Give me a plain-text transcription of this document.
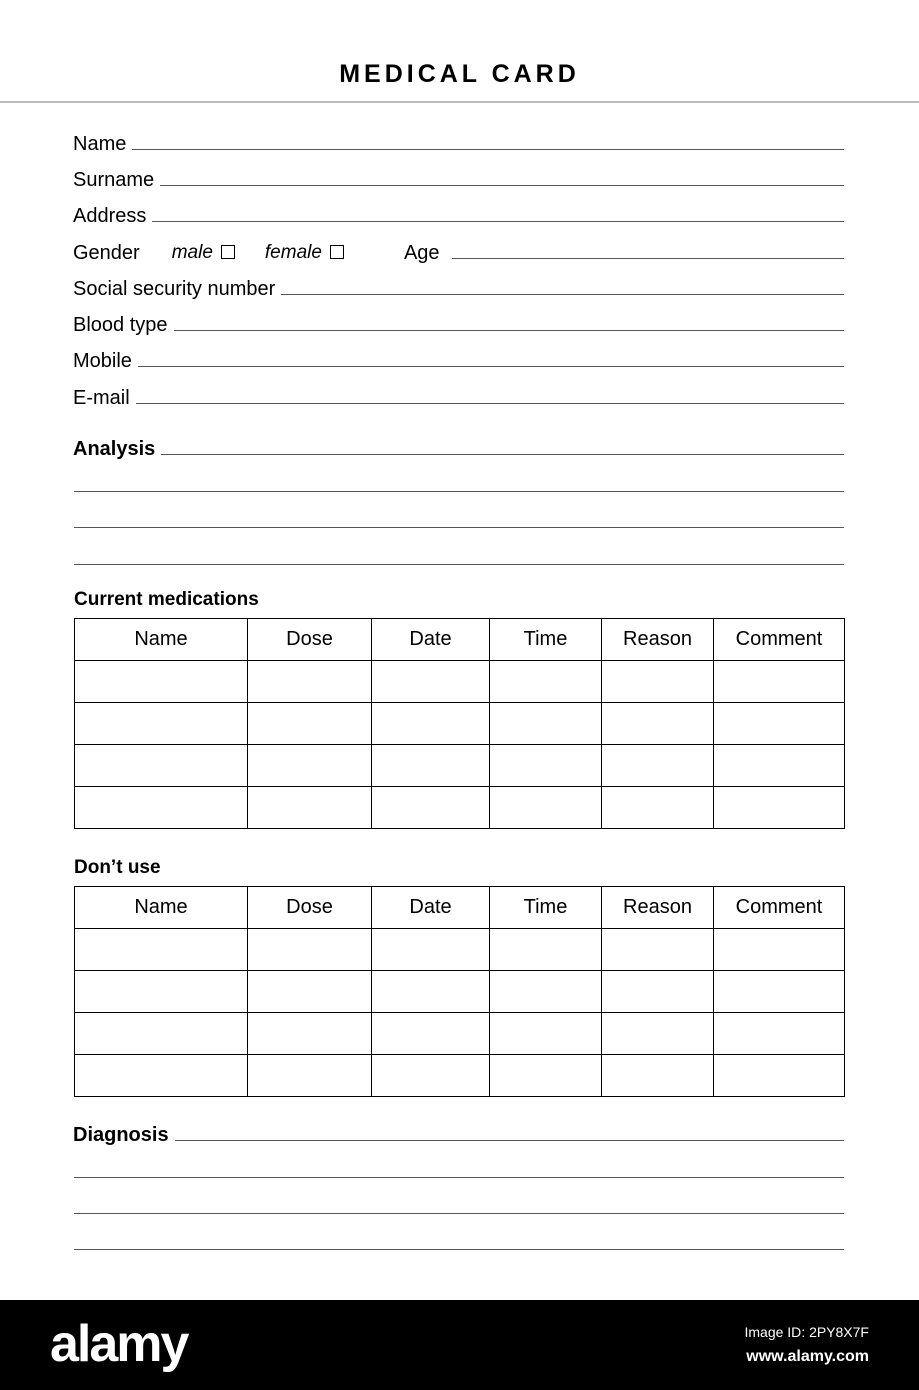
MEDICAL CARD
Name
Surname
Address
Gender male	female	Age
Social security number
Blood type
Mobile
E-mail
Analysis
Current medications
Name	Dose	Date	Time	Reason	Comment

Don’t use
Name	Dose	Date	Time	Reason	Comment

Diagnosis
alamy	Image ID: 2PY8X7F
www.alamy.com
